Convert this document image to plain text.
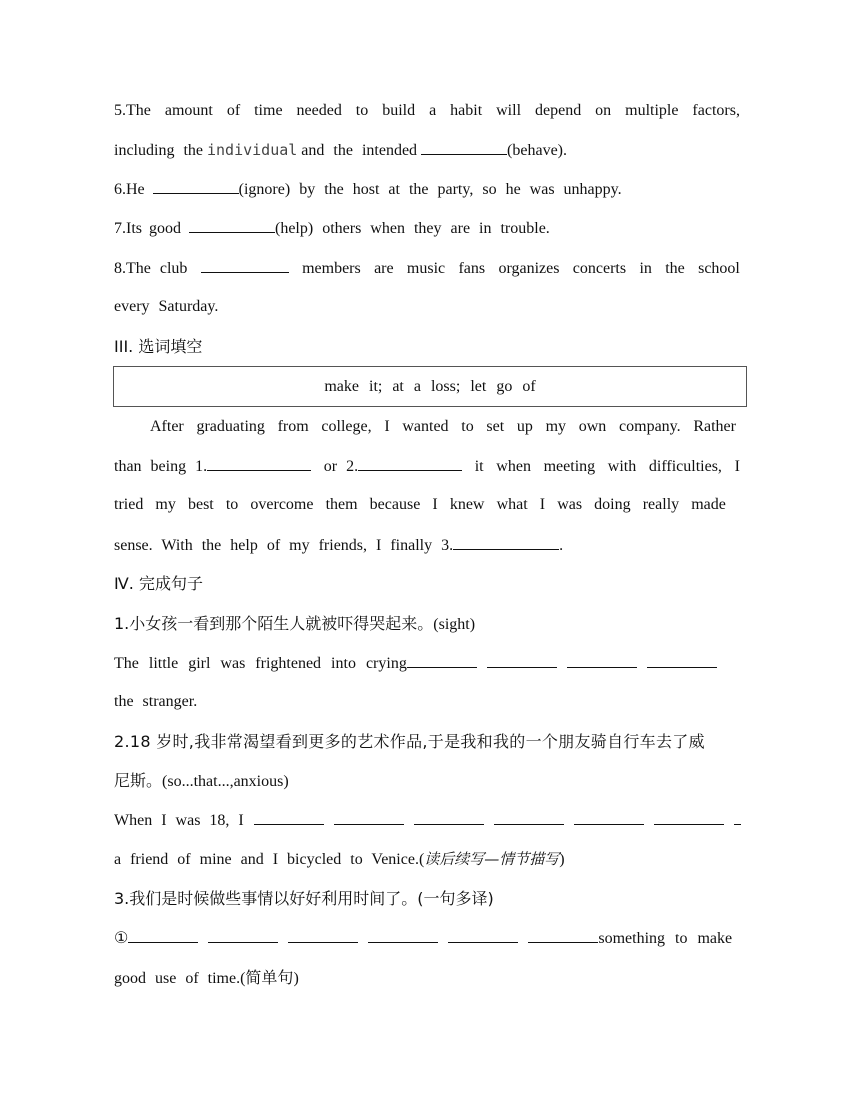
5.The amount of time needed to build a habit will depend on multiple factors,
including the individual and the intended	(behave).
6.He	(ignore) by the host at the party, so he was unhappy.
7.Its good	(help) others when they are in trouble.
8.The club	members are music fans organizes concerts in the school
every Saturday.
III. 选词填空
make it; at a loss; let go of
After graduating from college, I wanted to set up my own company. Rather
than being 1.	or 2.	it when meeting with difficulties, I
tried my best to overcome them because I knew what I was doing really made
sense. With the help of my friends, I finally 3.	.
Ⅳ. 完成句子
1.小女孩一看到那个陌生人就被吓得哭起来。(sight)
The little girl was frightened into crying
the stranger.
2.18 岁时,我非常渴望看到更多的艺术作品,于是我和我的一个朋友骑自行车去了威
尼斯。(so...that...,anxious)
When I was 18, I
a friend of mine and I bicycled to Venice.(读后续写—情节描写)
3.我们是时候做些事情以好好利用时间了。(一句多译)
①	something to make
good use of time.(简单句)
